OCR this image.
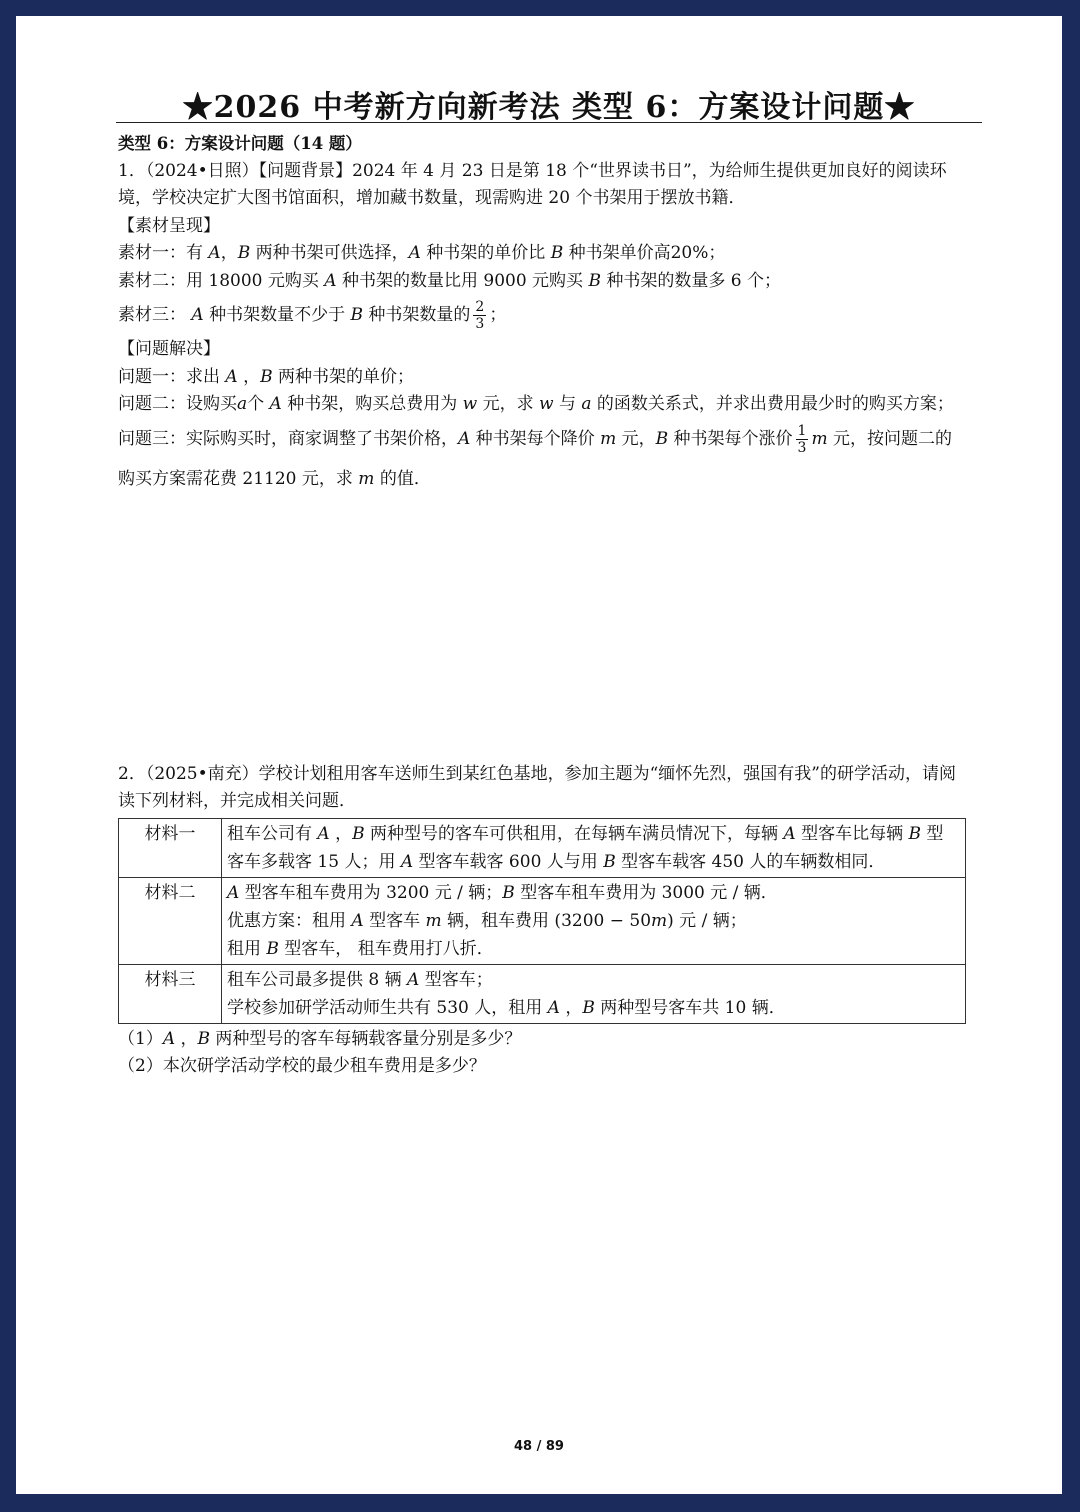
★2026 中考新方向新考法 类型 6：方案设计问题★

类型 6：方案设计问题（14 题）

1．（2024•日照）【问题背景】2024 年 4 月 23 日是第 18 个“世界读书日”，为给师生提供更加良好的阅读环境，学校决定扩大图书馆面积，增加藏书数量，现需购进 20 个书架用于摆放书籍．

【素材呈现】

素材一：有 A，B 两种书架可供选择，A 种书架的单价比 B 种书架单价高20%；

素材二：用 18000 元购买 A 种书架的数量比用 9000 元购买 B 种书架的数量多 6 个；

素材三： A 种书架数量不少于 B 种书架数量的 $\frac{2}{3}$ ；

【问题解决】

问题一：求出 A ，B 两种书架的单价；

问题二：设购买a个 A 种书架，购买总费用为 w 元，求 w 与 a 的函数关系式，并求出费用最少时的购买方案；

问题三：实际购买时，商家调整了书架价格，A 种书架每个降价 m 元，B 种书架每个涨价 $\frac{1}{3}$ m 元，按问题二的购买方案需花费 21120 元，求 m 的值．

2．（2025•南充）学校计划租用客车送师生到某红色基地，参加主题为“缅怀先烈，强国有我”的研学活动，请阅读下列材料，并完成相关问题．

材料一	租车公司有 A ，B 两种型号的客车可供租用，在每辆车满员情况下，每辆 A 型客车比每辆 B 型客车多载客 15 人；用 A 型客车载客 600 人与用 B 型客车载客 450 人的车辆数相同．
材料二	A 型客车租车费用为 3200 元 / 辆；B 型客车租车费用为 3000 元 / 辆．
优惠方案：租用 A 型客车 m 辆，租车费用 (3200 − 50m) 元 / 辆；
租用 B 型客车， 租车费用打八折．

材料三	租车公司最多提供 8 辆 A 型客车；
学校参加研学活动师生共有 530 人，租用 A ，B 两种型号客车共 10 辆．

（1）A ，B 两种型号的客车每辆载客量分别是多少？

（2）本次研学活动学校的最少租车费用是多少？

48 / 89
